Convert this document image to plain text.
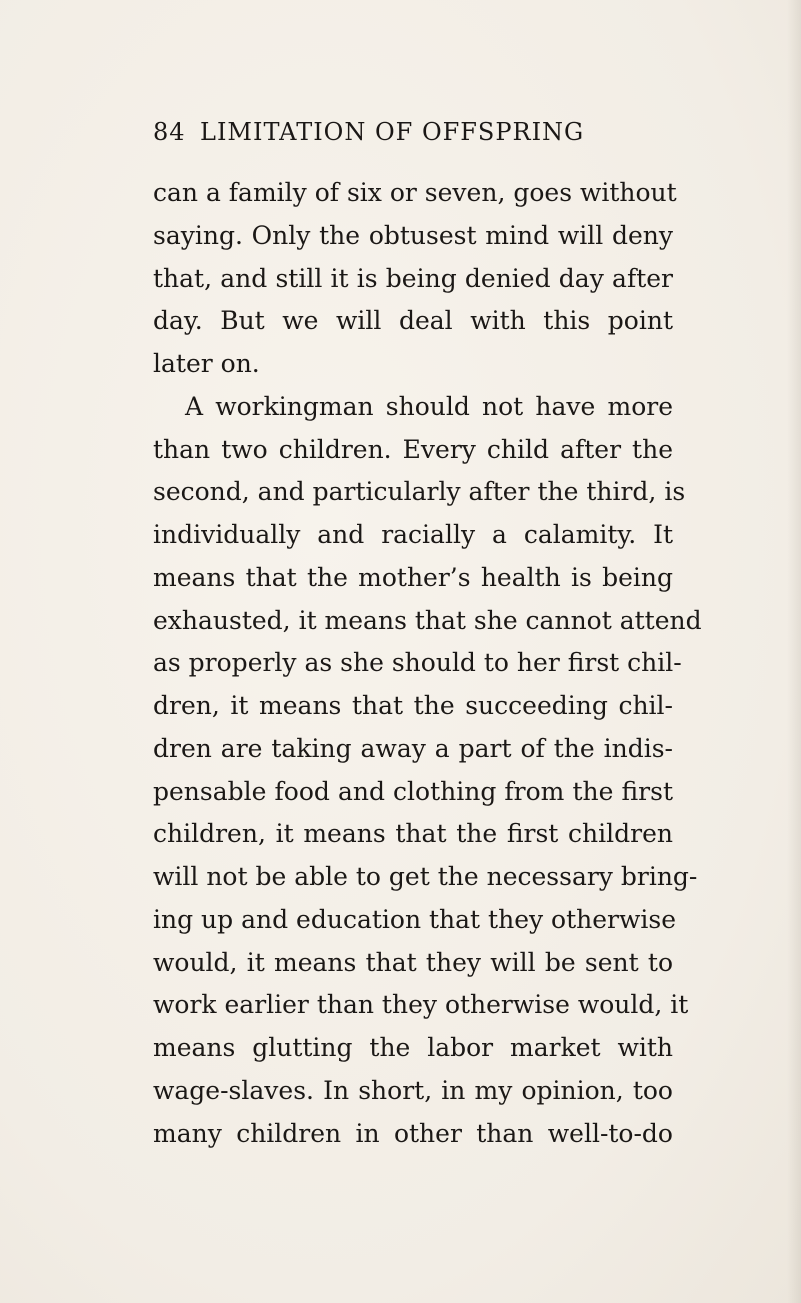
84 LIMITATION OF OFFSPRING
can a family of six or seven, goes without
saying. Only the obtusest mind will deny
that, and still it is being denied day after
day. But we will deal with this point
later on.
A workingman should not have more
than two children. Every child after the
second, and particularly after the third, is
individually and racially a calamity. It
means that the mother’s health is being
exhausted, it means that she cannot attend
as properly as she should to her first chil-
dren, it means that the succeeding chil-
dren are taking away a part of the indis-
pensable food and clothing from the first
children, it means that the first children
will not be able to get the necessary bring-
ing up and education that they otherwise
would, it means that they will be sent to
work earlier than they otherwise would, it
means glutting the labor market with
wage-slaves. In short, in my opinion, too
many children in other than well-to-do
